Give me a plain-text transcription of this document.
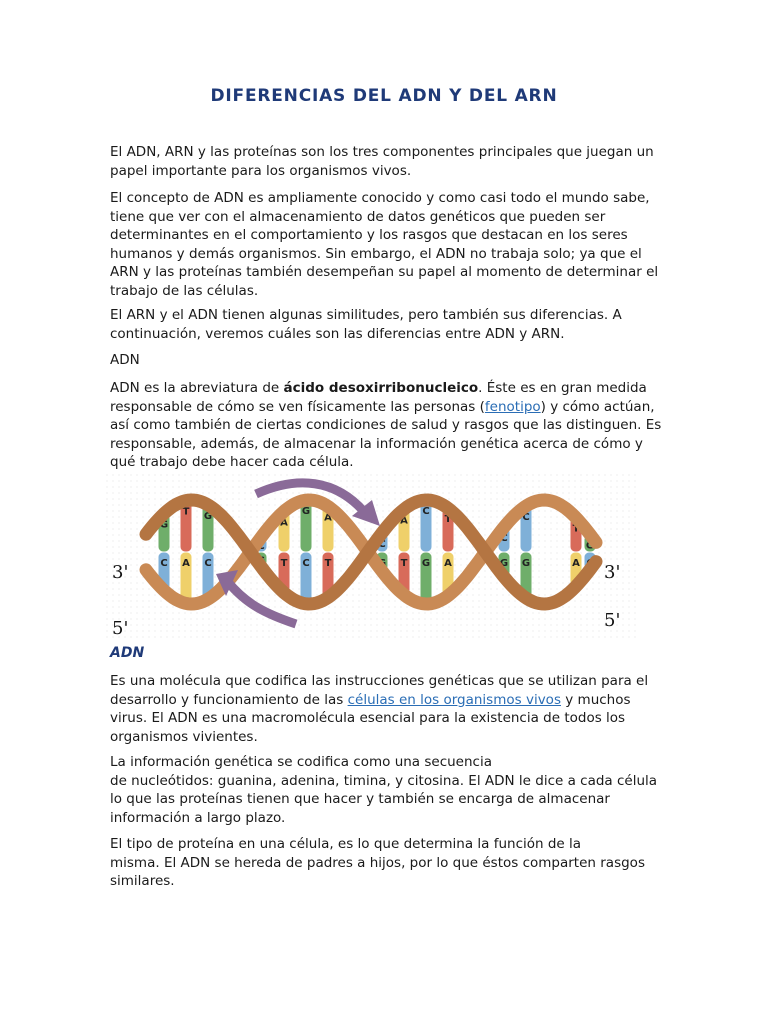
DIFERENCIAS DEL ADN Y DEL ARN

El ADN, ARN y las proteínas son los tres componentes principales que juegan un papel importante para los organismos vivos.

El concepto de ADN es ampliamente conocido y como casi todo el mundo sabe, tiene que ver con el almacenamiento de datos genéticos que pueden ser determinantes en el comportamiento y los rasgos que destacan en los seres humanos y demás organismos. Sin embargo, el ADN no trabaja solo; ya que el ARN y las proteínas también desempeñan su papel al momento de determinar el trabajo de las células.

El ARN y el ADN tienen algunas similitudes, pero también sus diferencias. A continuación, veremos cuáles son las diferencias entre ADN y ARN.

ADN

ADN es la abreviatura de ácido desoxirribonucleico. Éste es en gran medida responsable de cómo se ven físicamente las personas (fenotipo) y cómo actúan, así como también de ciertas condiciones de salud y rasgos que las distinguen. Es responsable, además, de almacenar la información genética acerca de cómo y qué trabajo debe hacer cada célula.

G
C
T
A
G
C
C
G
A
T
G
C
A
T
C
G
A
T
C
G
T
A
C
G
C
G
T
A
G
C
3'
5'
3'
5'
ADN

Es una molécula que codifica las instrucciones genéticas que se utilizan para el desarrollo y funcionamiento de las células en los organismos vivos y muchos virus. El ADN es una macromolécula esencial para la existencia de todos los organismos vivientes.

La información genética se codifica como una secuencia
de nucleótidos: guanina, adenina, timina, y citosina. El ADN le dice a cada célula lo que las proteínas tienen que hacer y también se encarga de almacenar información a largo plazo.

El tipo de proteína en una célula, es lo que determina la función de la
misma. El ADN se hereda de padres a hijos, por lo que éstos comparten rasgos similares.
